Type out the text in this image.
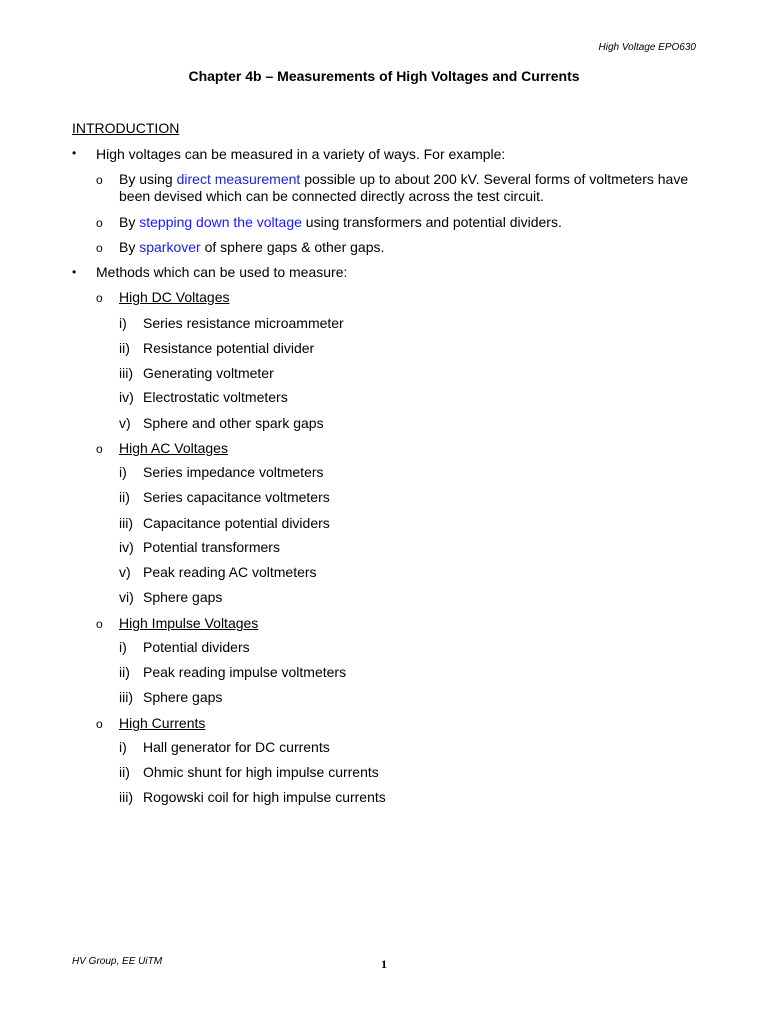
High Voltage EPO630
Chapter 4b – Measurements of High Voltages and Currents
INTRODUCTION
• High voltages can be measured in a variety of ways. For example:
o By using direct measurement possible up to about 200 kV. Several forms of voltmeters have
been devised which can be connected directly across the test circuit.
o By stepping down the voltage using transformers and potential dividers.
o By sparkover of sphere gaps & other gaps.
• Methods which can be used to measure:
o High DC Voltages
i) Series resistance microammeter
ii) Resistance potential divider
iii) Generating voltmeter
iv) Electrostatic voltmeters
v) Sphere and other spark gaps
o High AC Voltages
i) Series impedance voltmeters
ii) Series capacitance voltmeters
iii) Capacitance potential dividers
iv) Potential transformers
v) Peak reading AC voltmeters
vi) Sphere gaps
o High Impulse Voltages
i) Potential dividers
ii) Peak reading impulse voltmeters
iii) Sphere gaps
o High Currents
i) Hall generator for DC currents
ii) Ohmic shunt for high impulse currents
iii) Rogowski coil for high impulse currents
HV Group, EE UiTM	1
